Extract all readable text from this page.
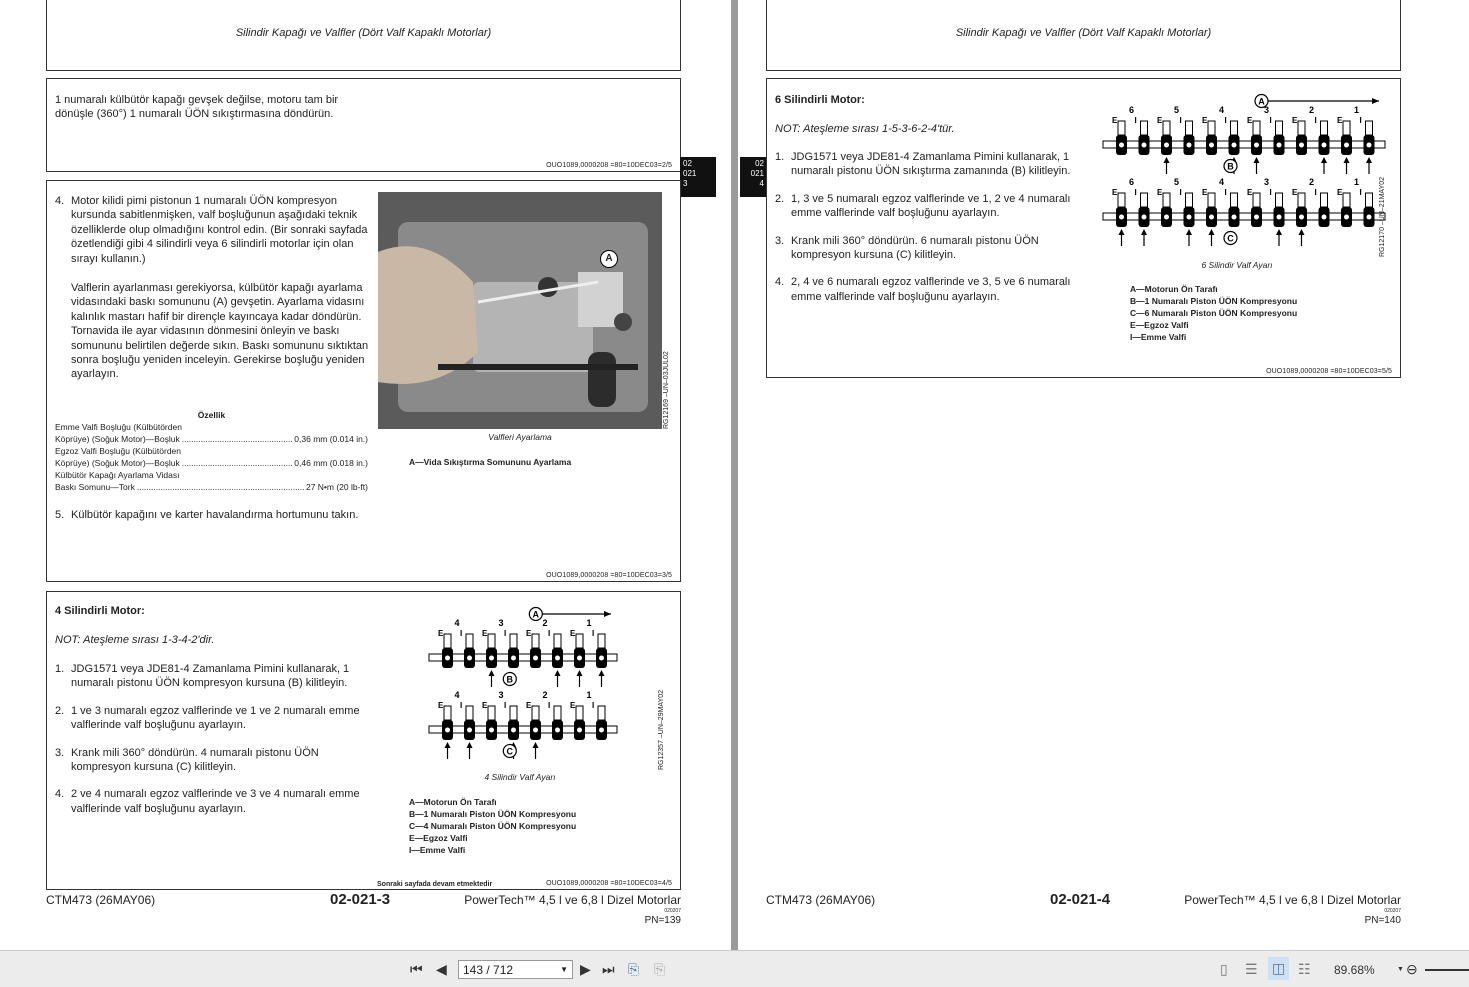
Silindir Kapağı ve Valfler (Dört Valf Kapaklı Motorlar)

1 numaralı külbütör kapağı gevşek değilse, motoru tam bir dönüşle (360°) 1 numaralı ÜÖN sıkıştırmasına döndürün.

OUO1089,0000208 =80=10DEC03=2/5 02
021
3
4. Motor kilidi pimi pistonun 1 numaralı ÜÖN kompresyon kursunda sabitlenmişken, valf boşluğunun aşağıdaki teknik özelliklerde olup olmadığını kontrol edin. (Bir sonraki sayfada özetlendiği gibi 4 silindirli veya 6 silindirli motorlar için olan sırayı kullanın.)

Valflerin ayarlanması gerekiyorsa, külbütör kapağı ayarlama vidasındaki baskı somununu (A) gevşetin. Ayarlama vidasını kalınlık mastarı hafif bir dirençle kayıncaya kadar döndürün. Tornavida ile ayar vidasının dönmesini önleyin ve baskı somununu belirtilen değerde sıkın. Baskı somununu sıktıktan sonra boşluğu yeniden inceleyin. Gerekirse boşluğu yeniden ayarlayın.

Özellik
Emme Valfi Boşluğu (Külbütörden
Köprüye) (Soğuk Motor)—Boşluk .....	0,36 mm (0.014 in.)
Egzoz Valfi Boşluğu (Külbütörden
Köprüye) (Soğuk Motor)—Boşluk .....	0,46 mm (0.018 in.)
Külbütör Kapağı Ayarlama Vidası
Baskı Somunu—Tork .....	27 N•m (20 lb-ft)
5. Külbütör kapağını ve karter havalandırma hortumunu takın.
A
RG12169 –UN–03JUL02
Valfleri Ayarlama
A—Vida Sıkıştırma Somununu Ayarlama
OUO1089,0000208 =80=10DEC03=3/5
4 Silindirli Motor:
NOT: Ateşleme sırası 1-3-4-2'dir.
1. JDG1571 veya JDE81-4 Zamanlama Pimini kullanarak, 1 numaralı pistonu ÜÖN kompresyon kursuna (B) kilitleyin.
2. 1 ve 3 numaralı egzoz valflerinde ve 1 ve 2 numaralı emme valflerinde valf boşluğunu ayarlayın.
3. Krank mili 360° döndürün. 4 numaralı pistonu ÜÖN kompresyon kursuna (C) kilitleyin.
4. 2 ve 4 numaralı egzoz valflerinde ve 3 ve 4 numaralı emme valflerinde valf boşluğunu ayarlayın.
A
4
E I
3
E I
2
E I
1
E I
B
4
E I
3
E I
2
E I
1
E I
C	RG12357 –UN–29MAY02
4 Silindir Valf Ayarı
A—Motorun Ön Tarafı
B—1 Numaralı Piston ÜÖN Kompresyonu
C—4 Numaralı Piston ÜÖN Kompresyonu
E—Egzoz Valfi
I—Emme Valfi
Sonraki sayfada devam etmektedir	OUO1089,0000208 =80=10DEC03=4/5
CTM473 (26MAY06)	02-021-3	PowerTech™ 4,5 l ve 6,8 l Dizel Motorlar
020207
PN=139
Silindir Kapağı ve Valfler (Dört Valf Kapaklı Motorlar)
02
021
4
6 Silindirli Motor:
NOT: Ateşleme sırası 1-5-3-6-2-4'tür.
1. JDG1571 veya JDE81-4 Zamanlama Pimini kullanarak, 1 numaralı pistonu ÜÖN sıkıştırma zamanında (B) kilitleyin.
2. 1, 3 ve 5 numaralı egzoz valflerinde ve 1, 2 ve 4 numaralı emme valflerinde valf boşluğunu ayarlayın.
3. Krank mili 360° döndürün. 6 numaralı pistonu ÜÖN kompresyon kursuna (C) kilitleyin.
4. 2, 4 ve 6 numaralı egzoz valflerinde ve 3, 5 ve 6 numaralı emme valflerinde valf boşluğunu ayarlayın.
A
6
E I
5
E I
4
E I
3
E I
2
E I
1
E I
B
6
E I
5
E I
4
E I
3
E I
2
E I
1
E I
C	RG12170 –UN–21MAY02
6 Silindir Valf Ayarı
A—Motorun Ön Tarafı
B—1 Numaralı Piston ÜÖN Kompresyonu
C—6 Numaralı Piston ÜÖN Kompresyonu
E—Egzoz Valfi
I—Emme Valfi
OUO1089,0000208 =80=10DEC03=5/5
CTM473 (26MAY06)	02-021-4	PowerTech™ 4,5 l ve 6,8 l Dizel Motorlar
020207
PN=140
⏮ ◀	143 / 712	▼ ▶ ⏭ ⎘ ⎘	▯ ☰ ◫ ☷ 89.68%	▼ ⊖
